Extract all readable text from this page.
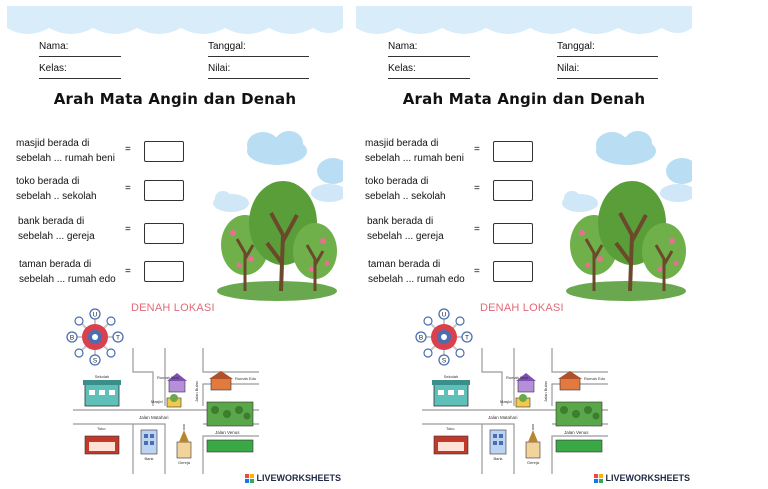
Nama:	Tanggal:
Kelas:	Nilai:
Arah Mata Angin dan Denah
masjid berada di
sebelah ... rumah beni
=
toko berada di
sebelah .. sekolah
=
bank berada di
sebelah ... gereja
=
taman berada di
sebelah ... rumah edo
=
DENAH LOKASI
U
S
T
B
Sekolah	Rumah Beni
Masjid	Jalan Bulan
Rumah Edo
Jalan Matahari
Jalan Venus
Toko
Bank
Gereja
LIVEWORKSHEETS
Nama:	Tanggal:
Kelas:	Nilai:
Arah Mata Angin dan Denah
masjid berada di
sebelah ... rumah beni
=
toko berada di
sebelah .. sekolah
=
bank berada di
sebelah ... gereja
=
taman berada di
sebelah ... rumah edo
=
DENAH LOKASI
U
S
T
B
Sekolah	Rumah Beni
Masjid	Jalan Bulan
Rumah Edo
Jalan Matahari
Jalan Venus
Toko
Bank
Gereja
LIVEWORKSHEETS
